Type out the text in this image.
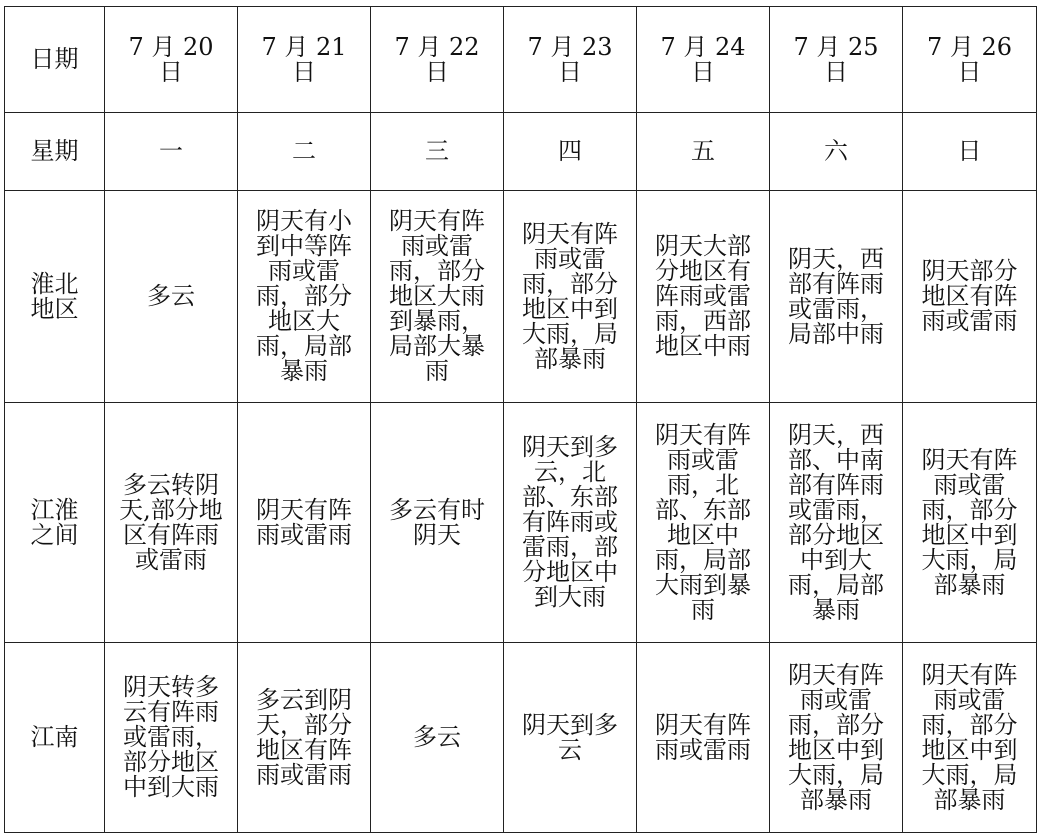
日期	7 月 20 日	7 月 21 日	7 月 22 日	7 月 23 日	7 月 24 日	7 月 25 日	7 月 26 日
星期	一	二	三	四	五	六	日
淮北
地区	多云	阴天有小到中等阵雨或雷雨，部分地区大雨，局部暴雨	阴天有阵雨或雷雨，部分地区大雨到暴雨，局部大暴雨	阴天有阵雨或雷雨，部分地区中到大雨，局部暴雨	阴天大部分地区有阵雨或雷雨，西部地区中雨	阴天，西部有阵雨或雷雨，局部中雨	阴天部分地区有阵雨或雷雨
江淮
之间	多云转阴天,部分地区有阵雨或雷雨	阴天有阵雨或雷雨	多云有时阴天	阴天到多云，北部、东部有阵雨或雷雨，部分地区中到大雨	阴天有阵雨或雷雨，北部、东部地区中雨，局部大雨到暴雨	阴天，西部、中南部有阵雨或雷雨，部分地区中到大雨，局部暴雨	阴天有阵雨或雷雨，部分地区中到大雨，局部暴雨
江南	阴天转多云有阵雨或雷雨，部分地区中到大雨	多云到阴天，部分地区有阵雨或雷雨	多云	阴天到多云	阴天有阵雨或雷雨	阴天有阵雨或雷雨，部分地区中到大雨，局部暴雨	阴天有阵雨或雷雨，部分地区中到大雨，局部暴雨
